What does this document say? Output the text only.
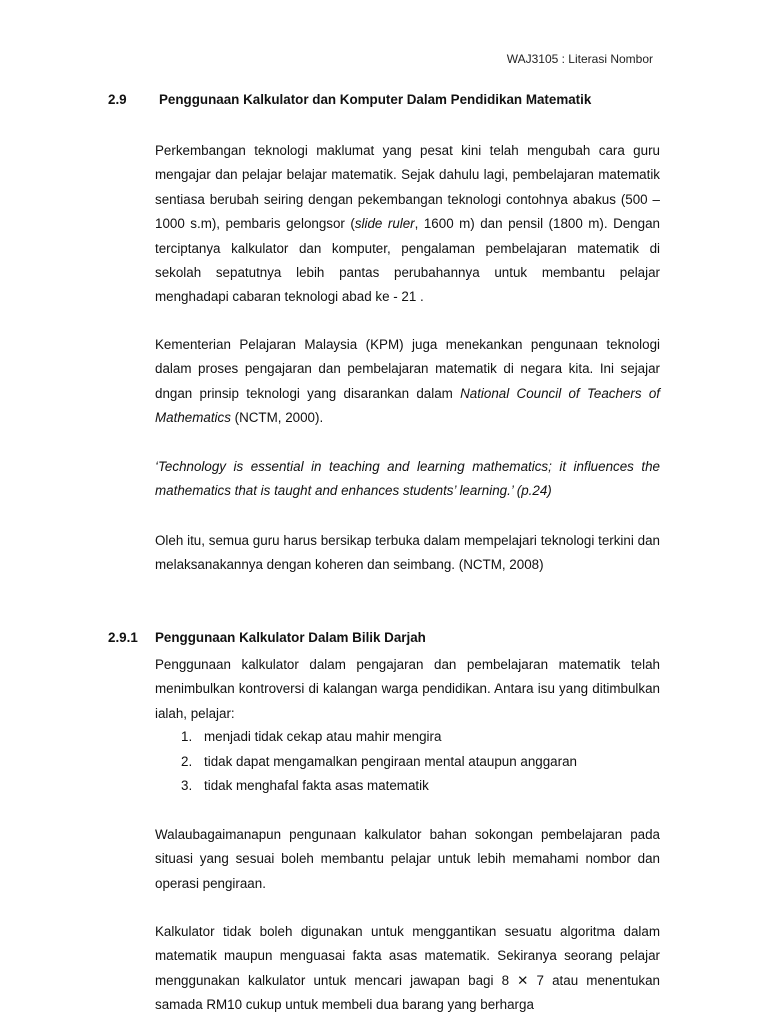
WAJ3105 : Literasi Nombor
2.9 Penggunaan Kalkulator dan Komputer Dalam Pendidikan Matematik

Perkembangan teknologi maklumat yang pesat kini telah mengubah cara guru mengajar dan pelajar belajar matematik. Sejak dahulu lagi, pembelajaran matematik sentiasa berubah seiring dengan pekembangan teknologi contohnya abakus (500 – 1000 s.m), pembaris gelongsor (slide ruler, 1600 m) dan pensil (1800 m). Dengan terciptanya kalkulator dan komputer, pengalaman pembelajaran matematik di sekolah sepatutnya lebih pantas perubahannya untuk membantu pelajar menghadapi cabaran teknologi abad ke - 21 .

Kementerian Pelajaran Malaysia (KPM) juga menekankan pengunaan teknologi dalam proses pengajaran dan pembelajaran matematik di negara kita. Ini sejajar dngan prinsip teknologi yang disarankan dalam National Council of Teachers of Mathematics (NCTM, 2000).

‘Technology is essential in teaching and learning mathematics; it influences the mathematics that is taught and enhances students’ learning.’ (p.24)

Oleh itu, semua guru harus bersikap terbuka dalam mempelajari teknologi terkini dan melaksanakannya dengan koheren dan seimbang. (NCTM, 2008)

2.9.1 Penggunaan Kalkulator Dalam Bilik Darjah

Penggunaan kalkulator dalam pengajaran dan pembelajaran matematik telah menimbulkan kontroversi di kalangan warga pendidikan. Antara isu yang ditimbulkan ialah, pelajar:

1. menjadi tidak cekap atau mahir mengira
2. tidak dapat mengamalkan pengiraan mental ataupun anggaran
3. tidak menghafal fakta asas matematik

Walaubagaimanapun pengunaan kalkulator bahan sokongan pembelajaran pada situasi yang sesuai boleh membantu pelajar untuk lebih memahami nombor dan operasi pengiraan.

Kalkulator tidak boleh digunakan untuk menggantikan sesuatu algoritma dalam matematik maupun menguasai fakta asas matematik. Sekiranya seorang pelajar menggunakan kalkulator untuk mencari jawapan bagi 8 ✕ 7 atau menentukan samada RM10 cukup untuk membeli dua barang yang berharga
